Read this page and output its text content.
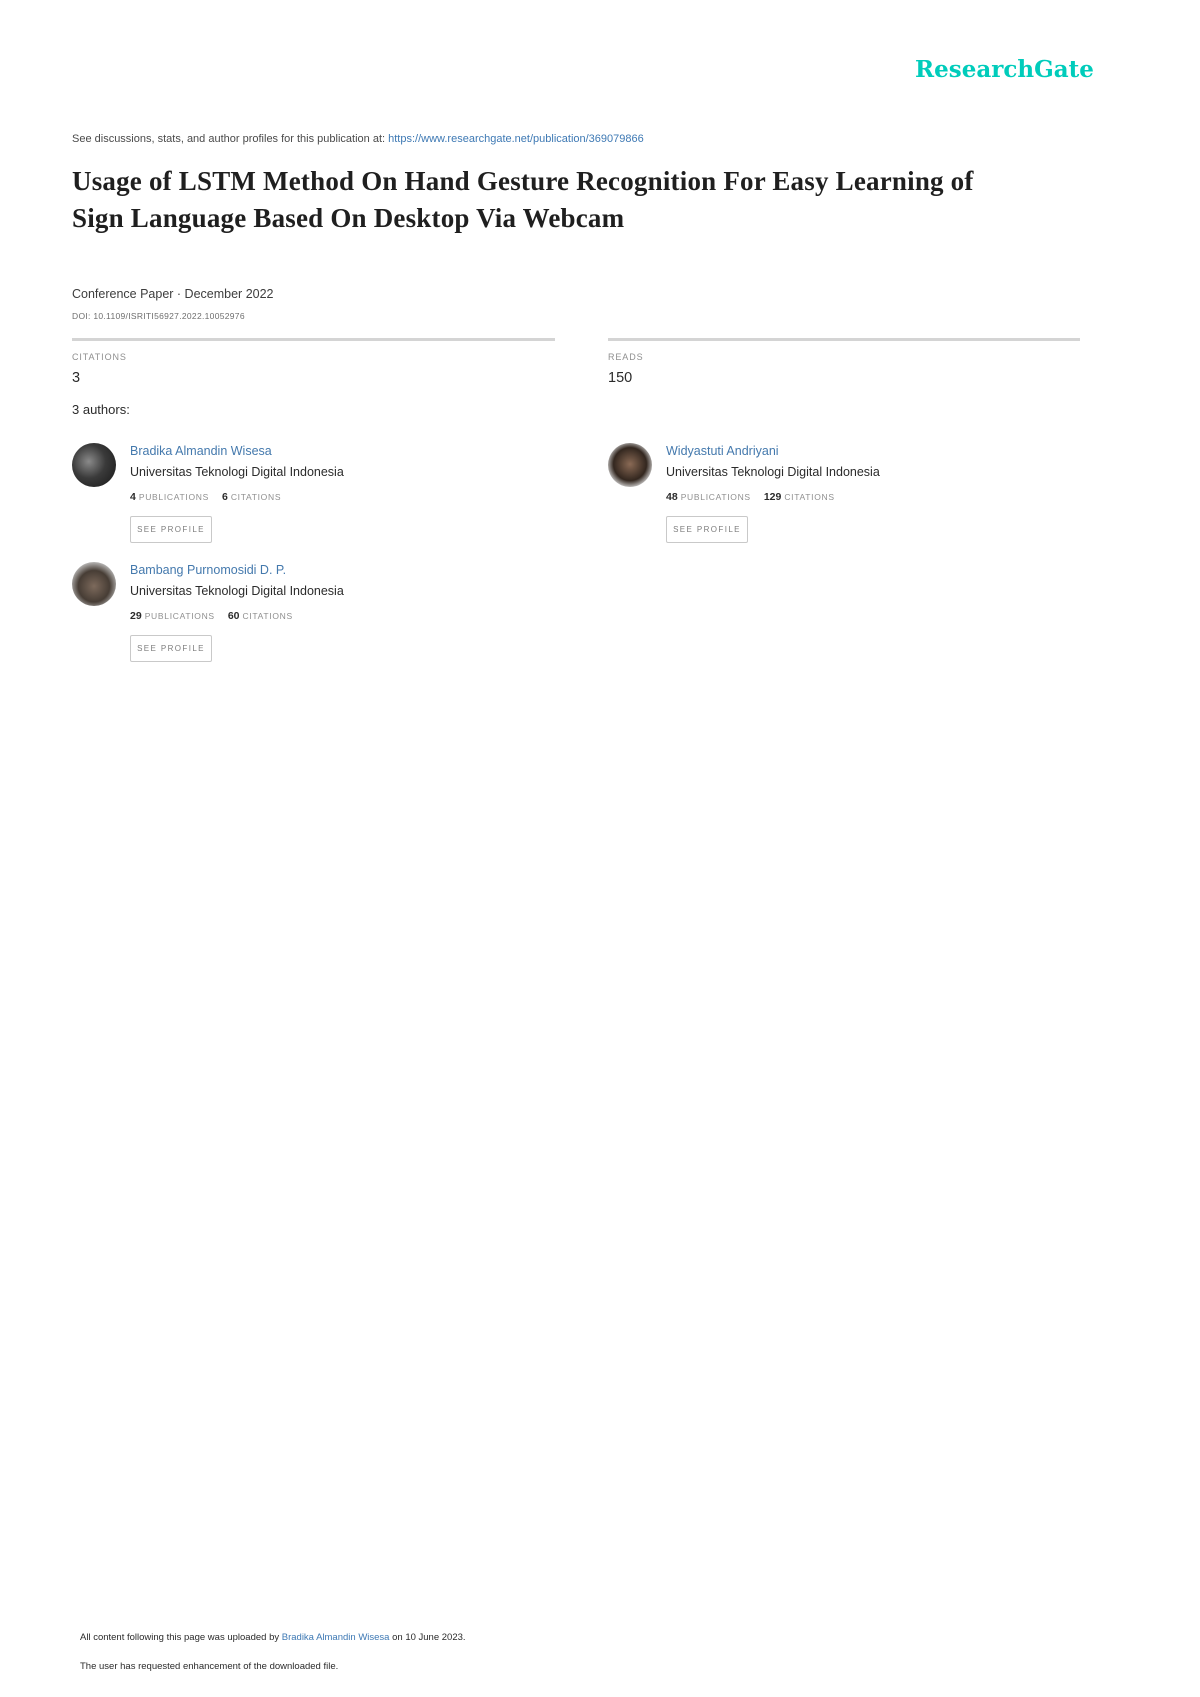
ResearchGate
See discussions, stats, and author profiles for this publication at: https://www.researchgate.net/publication/369079866
Usage of LSTM Method On Hand Gesture Recognition For Easy Learning of Sign Language Based On Desktop Via Webcam
Conference Paper · December 2022
DOI: 10.1109/ISRITI56927.2022.10052976
CITATIONS
3
READS
150
3 authors:
Bradika Almandin Wisesa
Universitas Teknologi Digital Indonesia
4 PUBLICATIONS 6 CITATIONS
SEE PROFILE
Widyastuti Andriyani
Universitas Teknologi Digital Indonesia
48 PUBLICATIONS 129 CITATIONS
SEE PROFILE
Bambang Purnomosidi D. P.
Universitas Teknologi Digital Indonesia
29 PUBLICATIONS 60 CITATIONS
SEE PROFILE
All content following this page was uploaded by Bradika Almandin Wisesa on 10 June 2023.
The user has requested enhancement of the downloaded file.
